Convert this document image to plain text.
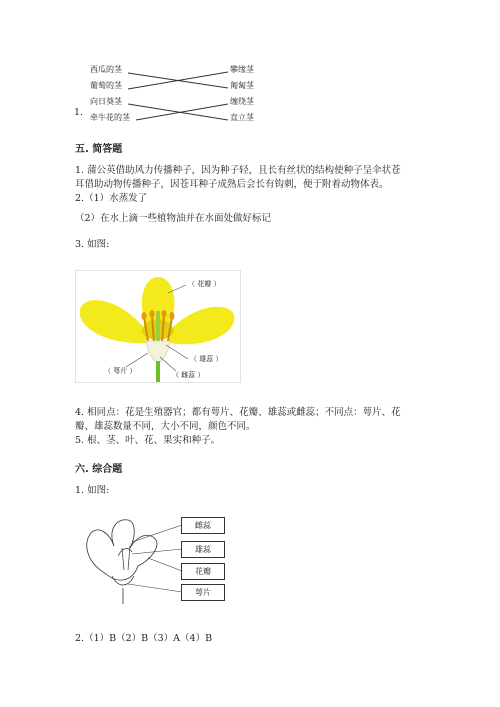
1.
西瓜的茎
葡萄的茎
向日葵茎
牵牛花的茎
攀缘茎
匍匐茎
缠绕茎
直立茎
五. 简答题
1. 蒲公英借助风力传播种子，因为种子轻，且长有丝状的结构使种子呈伞状苍
耳借助动物传播种子，因苍耳种子成熟后会长有钩刺，便于附着动物体表。
2.（1）水蒸发了
（2）在水上滴一些植物油并在水面处做好标记
3. 如图:
（ 花瓣 ）
（ 雄蕊 ）
（ 萼片 ）	（ 雌蕊 ）
4. 相同点：花是生殖器官；都有萼片、花瓣、雄蕊或雌蕊；不同点：萼片、花
瓣、雄蕊数量不同，大小不同，颜色不同。
5. 根、茎、叶、花、果实和种子。
六. 综合题
1. 如图:
雌蕊
雄蕊
花瓣
萼片
2.（1）B（2）B（3）A（4）B
